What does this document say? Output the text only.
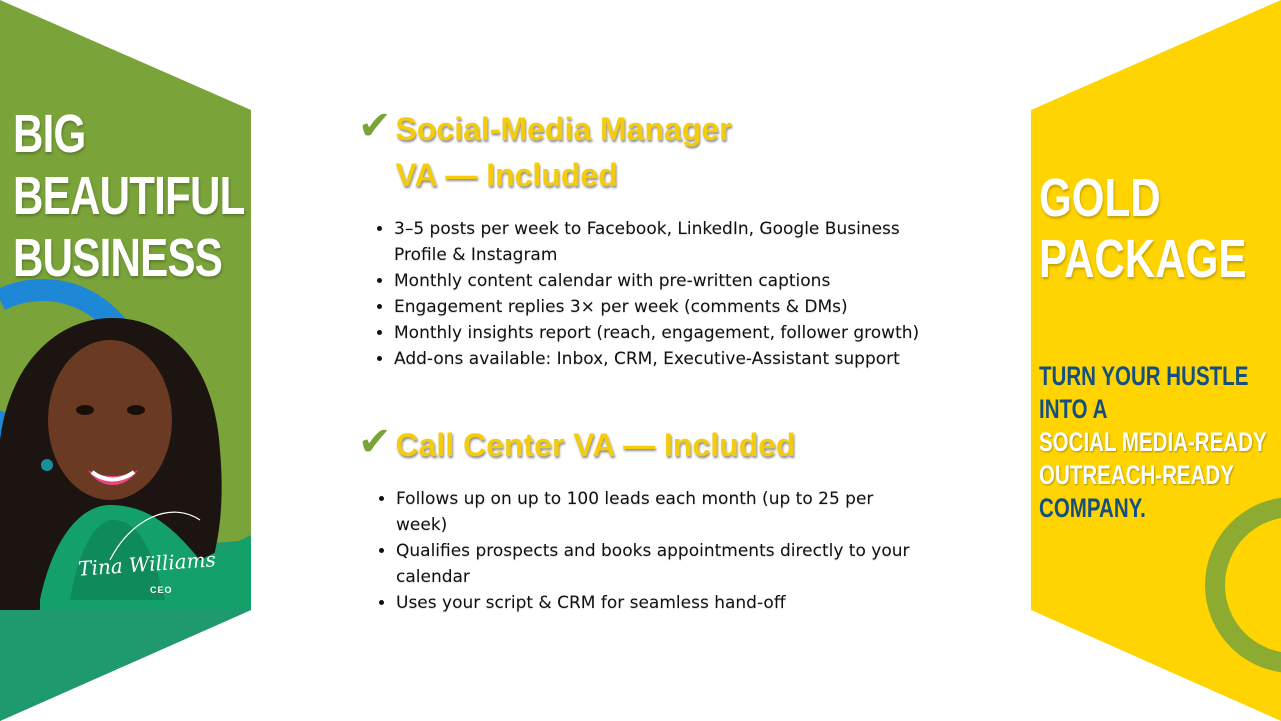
BIG
BEAUTIFUL
BUSINESS
Tina Williams
CEO
✔ Social-Media Manager
VA — Included
• 3–5 posts per week to Facebook, LinkedIn, Google Business Profile & Instagram
• Monthly content calendar with pre-written captions
• Engagement replies 3× per week (comments & DMs)
• Monthly insights report (reach, engagement, follower growth)
• Add-ons available: Inbox, CRM, Executive-Assistant support
✔ Call Center VA — Included
• Follows up on up to 100 leads each month (up to 25 per week)
• Qualifies prospects and books appointments directly to your calendar
• Uses your script & CRM for seamless hand-off
GOLD
PACKAGE

TURN YOUR HUSTLE
INTO A
SOCIAL MEDIA-READY
OUTREACH-READY
COMPANY.
